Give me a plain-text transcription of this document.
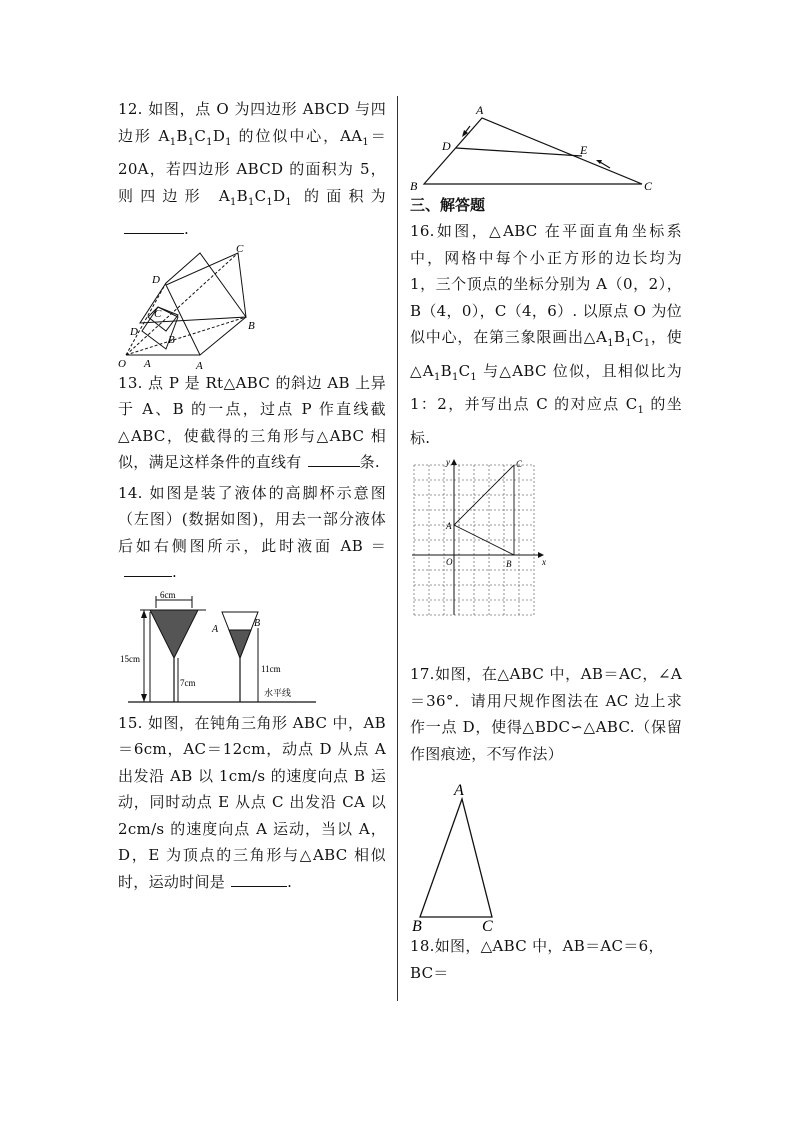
12. 如图，点 O 为四边形 ABCD 与四边形 $A_1B_1C_1D_1$ 的位似中心，$AA_1=20A$，若四边形 ABCD 的面积为 5，则四边形 $A_1B_1C_1D_1$ 的面积为.

O A
B
C
D
A
B
C
D

13. 点 P 是 Rt△ABC 的斜边 AB 上异于 A、B 的一点，过点 P 作直线截△ABC，使截得的三角形与△ABC 相似，满足这样条件的直线有	条.

14. 如图是装了液体的高脚杯示意图（左图）(数据如图)，用去一部分液体后如右侧图所示，此时液面 AB ＝.

15cm
6cm
7cm
A
B
11cm
水平线

15. 如图，在钝角三角形 ABC 中，AB＝6cm，AC＝12cm，动点 D 从点 A 出发沿 AB 以 1cm/s 的速度向点 B 运动，同时动点 E 从点 C 出发沿 CA 以 2cm/s 的速度向点 A 运动，当以 A，D，E 为顶点的三角形与△ABC 相似时，运动时间是	.

A
D	E
B	C

三、解答题

16.如图，△ABC 在平面直角坐标系中，网格中每个小正方形的边长均为 1，三个顶点的坐标分别为 A（0，2），B（4，0），C（4，6）. 以原点 O 为位似中心，在第三象限画出$\triangle A_1B_1C_1$，使$\triangle A_1B_1C_1$ 与△ABC 位似，且相似比为 1：2，并写出点 C 的对应点 $C_1$ 的坐标.

x
y
O
A
B
C

17.如图，在△ABC 中，AB＝AC，∠A＝36°．请用尺规作图法在 AC 边上求作一点 D，使得△BDC∽△ABC.（保留作图痕迹，不写作法）

A
B	C

18.如图，△ABC 中，AB＝AC＝6，BC＝
